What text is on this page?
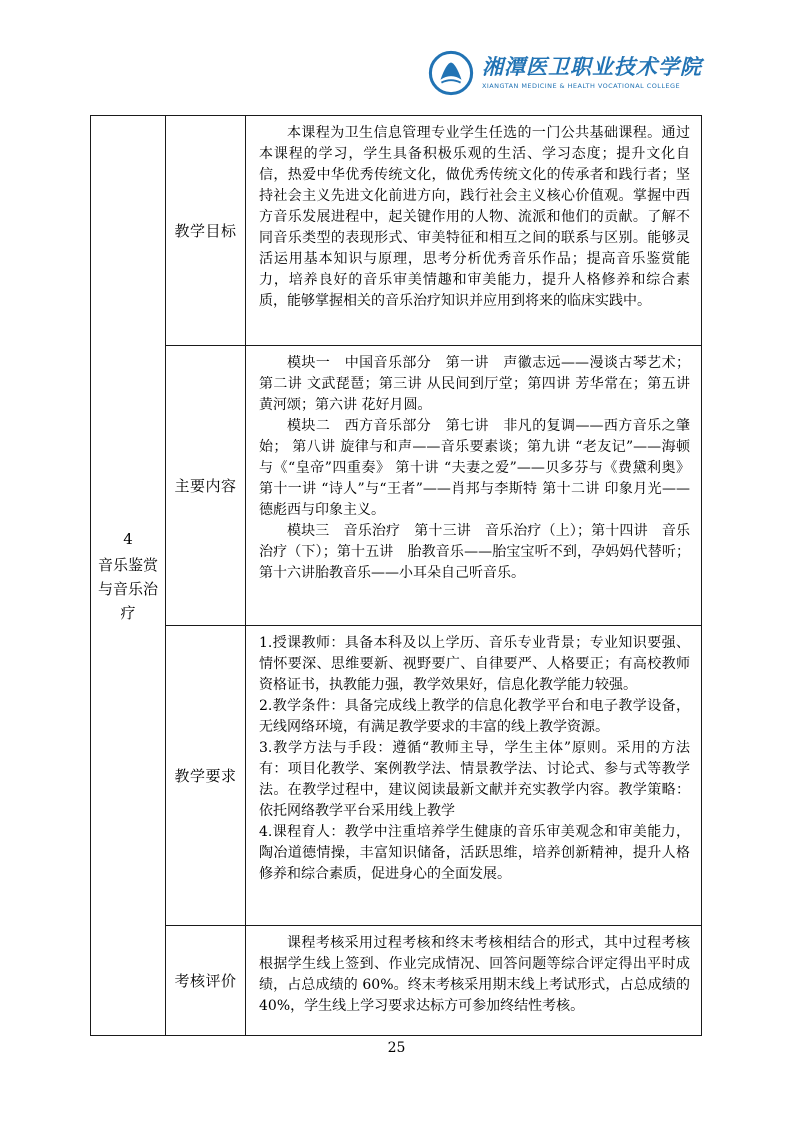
湘潭医卫职业技术学院
XIANGTAN MEDICINE & HEALTH VOCATIONAL COLLEGE
4
音乐鉴赏与音乐治疗	教学目标	本课程为卫生信息管理专业学生任选的一门公共基础课程。通过本课程的学习，学生具备积极乐观的生活、学习态度；提升文化自信，热爱中华优秀传统文化，做优秀传统文化的传承者和践行者；坚持社会主义先进文化前进方向，践行社会主义核心价值观。掌握中西方音乐发展进程中，起关键作用的人物、流派和他们的贡献。了解不同音乐类型的表现形式、审美特征和相互之间的联系与区别。能够灵活运用基本知识与原理，思考分析优秀音乐作品；提高音乐鉴赏能力，培养良好的音乐审美情趣和审美能力，提升人格修养和综合素质，能够掌握相关的音乐治疗知识并应用到将来的临床实践中。

	主要内容	模块一　中国音乐部分　第一讲　声徽志远——漫谈古琴艺术；第二讲 文武琵琶；第三讲 从民间到厅堂；第四讲 芳华常在；第五讲 黄河颂；第六讲 花好月圆。

模块二　西方音乐部分　第七讲　非凡的复调——西方音乐之肇始； 第八讲 旋律与和声——音乐要素谈；第九讲 “老友记”——海顿与《“皇帝”四重奏》 第十讲 “夫妻之爱”——贝多芬与《费黛利奥》 第十一讲 “诗人”与“王者”——肖邦与李斯特 第十二讲 印象月光——德彪西与印象主义。

模块三　音乐治疗　第十三讲　音乐治疗（上）；第十四讲　音乐治疗（下）；第十五讲　胎教音乐——胎宝宝听不到，孕妈妈代替听；第十六讲胎教音乐——小耳朵自己听音乐。

	教学要求	1.授课教师：具备本科及以上学历、音乐专业背景；专业知识要强、情怀要深、思维要新、视野要广、自律要严、人格要正；有高校教师资格证书，执教能力强，教学效果好，信息化教学能力较强。

2.教学条件：具备完成线上教学的信息化教学平台和电子教学设备，无线网络环境，有满足教学要求的丰富的线上教学资源。

3.教学方法与手段：遵循“教师主导，学生主体”原则。采用的方法有：项目化教学、案例教学法、情景教学法、讨论式、参与式等教学法。在教学过程中，建议阅读最新文献并充实教学内容。教学策略：依托网络教学平台采用线上教学

4.课程育人：教学中注重培养学生健康的音乐审美观念和审美能力，陶冶道德情操，丰富知识储备，活跃思维，培养创新精神，提升人格修养和综合素质，促进身心的全面发展。

	考核评价	课程考核采用过程考核和终末考核相结合的形式，其中过程考核根据学生线上签到、作业完成情况、回答问题等综合评定得出平时成绩，占总成绩的 60%。终末考核采用期末线上考试形式，占总成绩的 40%，学生线上学习要求达标方可参加终结性考核。

25
